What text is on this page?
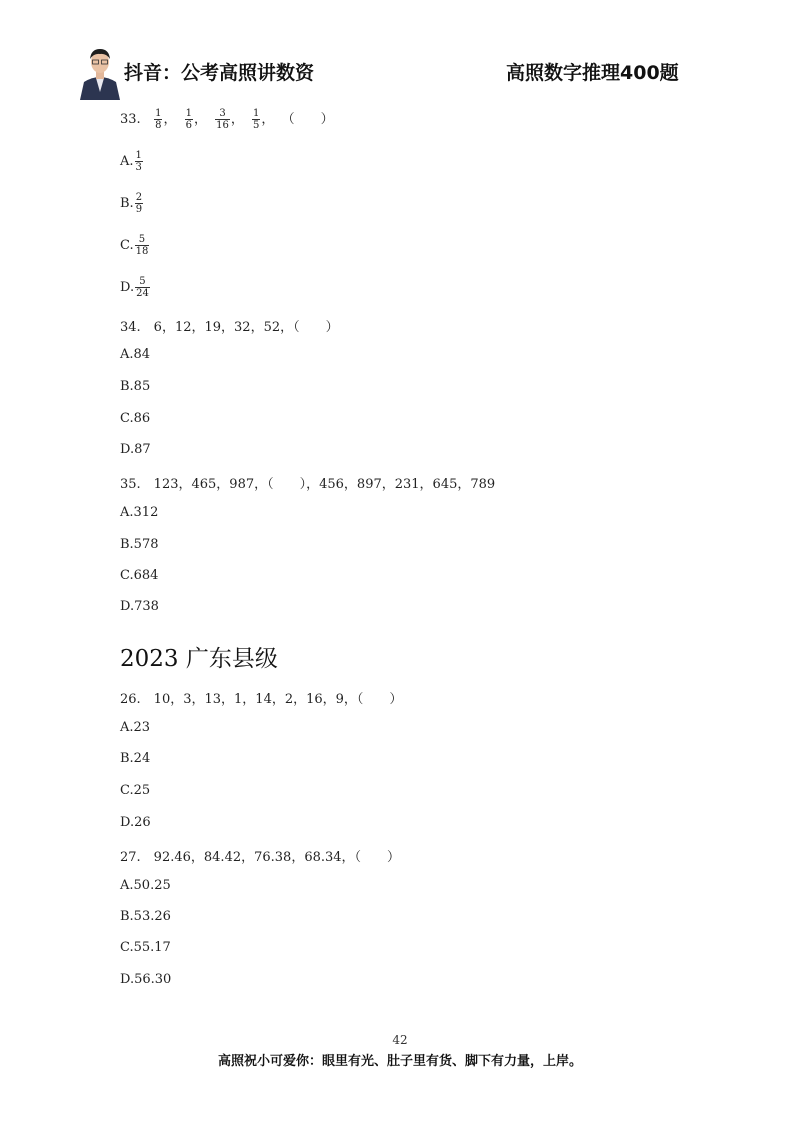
抖音：公考高照讲数资	高照数字推理400题
33. $\frac{1}{8}$ ， $\frac{1}{6}$ ， $\frac{3}{16}$ ， $\frac{1}{5}$ ， （　　）
A. $\frac{1}{3}$
B. $\frac{2}{9}$
C. $\frac{5}{18}$
D. $\frac{5}{24}$
34.　6，12，19，32，52，（　　）
A.84
B.85
C.86
D.87
35.　123，465，987，（　　），456，897，231，645，789
A.312
B.578
C.684
D.738
2023 广东县级
26.　10，3，13，1，14，2，16，9，（　　）
A.23
B.24
C.25
D.26
27.　92.46，84.42，76.38，68.34，（　　）
A.50.25
B.53.26
C.55.17
D.56.30
42
高照祝小可爱你：眼里有光、肚子里有货、脚下有力量，上岸。
